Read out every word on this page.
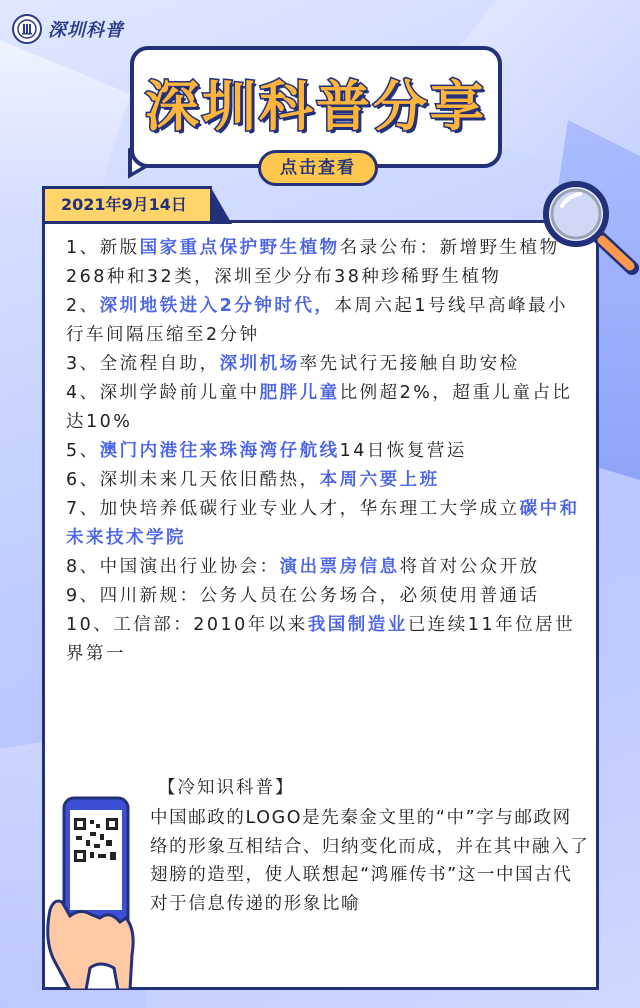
深圳科普
深圳科普分享
点击查看
2021年9月14日
1、新版国家重点保护野生植物名录公布：新增野生植物268种和32类，深圳至少分布38种珍稀野生植物
2、深圳地铁进入2分钟时代，本周六起1号线早高峰最小行车间隔压缩至2分钟
3、全流程自助，深圳机场率先试行无接触自助安检
4、深圳学龄前儿童中肥胖儿童比例超2%，超重儿童占比达10%
5、澳门内港往来珠海湾仔航线14日恢复营运
6、深圳未来几天依旧酷热，本周六要上班
7、加快培养低碳行业专业人才，华东理工大学成立碳中和未来技术学院
8、中国演出行业协会：演出票房信息将首对公众开放
9、四川新规：公务人员在公务场合，必须使用普通话
10、工信部：2010年以来我国制造业已连续11年位居世界第一
【冷知识科普】
中国邮政的LOGO是先秦金文里的“中”字与邮政网络的形象互相结合、归纳变化而成，并在其中融入了翅膀的造型，使人联想起“鸿雁传书”这一中国古代对于信息传递的形象比喻
